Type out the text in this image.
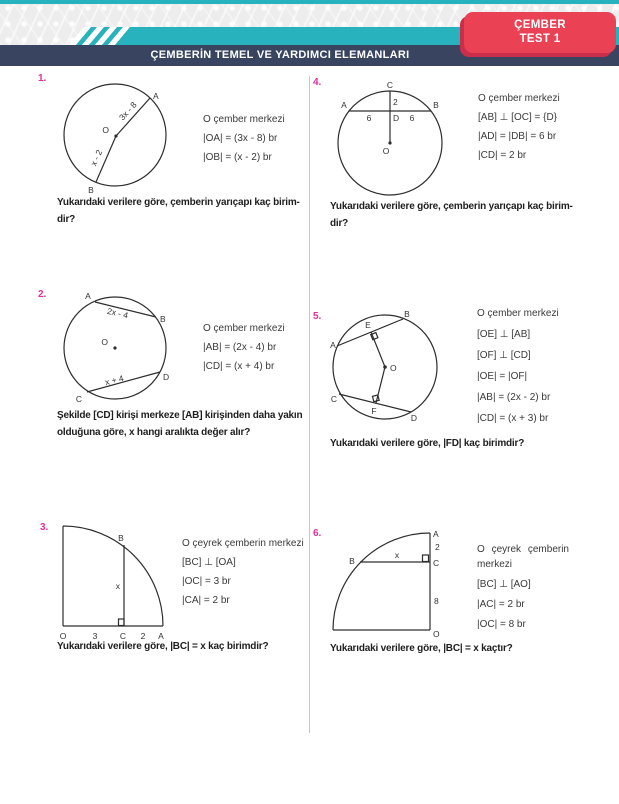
ÇEMBERİN TEMEL VE YARDIMCI ELEMANLARI
ÇEMBER
TEST 1
1.
A
O
B
3x - 8
x - 2
O çember merkezi
|OA| = (3x - 8) br
|OB| = (x - 2) br
Yukarıdaki verilere göre, çemberin yarıçapı kaç birim-
dir?
2.	A
B
O
C
D
2x - 4
x + 4
O çember merkezi
|AB| = (2x - 4) br
|CD| = (x + 4) br
Şekilde [CD] kirişi merkeze [AB] kirişinden daha yakın
olduğuna göre, x hangi aralıkta değer alır?
3.
B
x
O	3	C 2 A
O çeyrek çemberin merkezi
[BC] ⊥ [OA]
|OC| = 3 br
|CA| = 2 br
Yukarıdaki verilere göre, |BC| = x kaç birimdir?
4.	C
A	B
2
D
6	6
O
O çember merkezi
[AB] ⊥ [OC] = {D}
|AD| = |DB| = 6 br
|CD| = 2 br
Yukarıdaki verilere göre, çemberin yarıçapı kaç birim-
dir?
5.
A
B
E
O
C
F
D
O çember merkezi
[OE] ⊥ [AB]
[OF] ⊥ [CD]
|OE| = |OF|
|AB| = (2x - 2) br
|CD| = (x + 3) br
Yukarıdaki verilere göre, |FD| kaç birimdir?
6.	A
2
C
B
x
8
O
O çeyrek çemberin merkezi
[BC] ⊥ [AO]
|AC| = 2 br
|OC| = 8 br
Yukarıdaki verilere göre, |BC| = x kaçtır?
